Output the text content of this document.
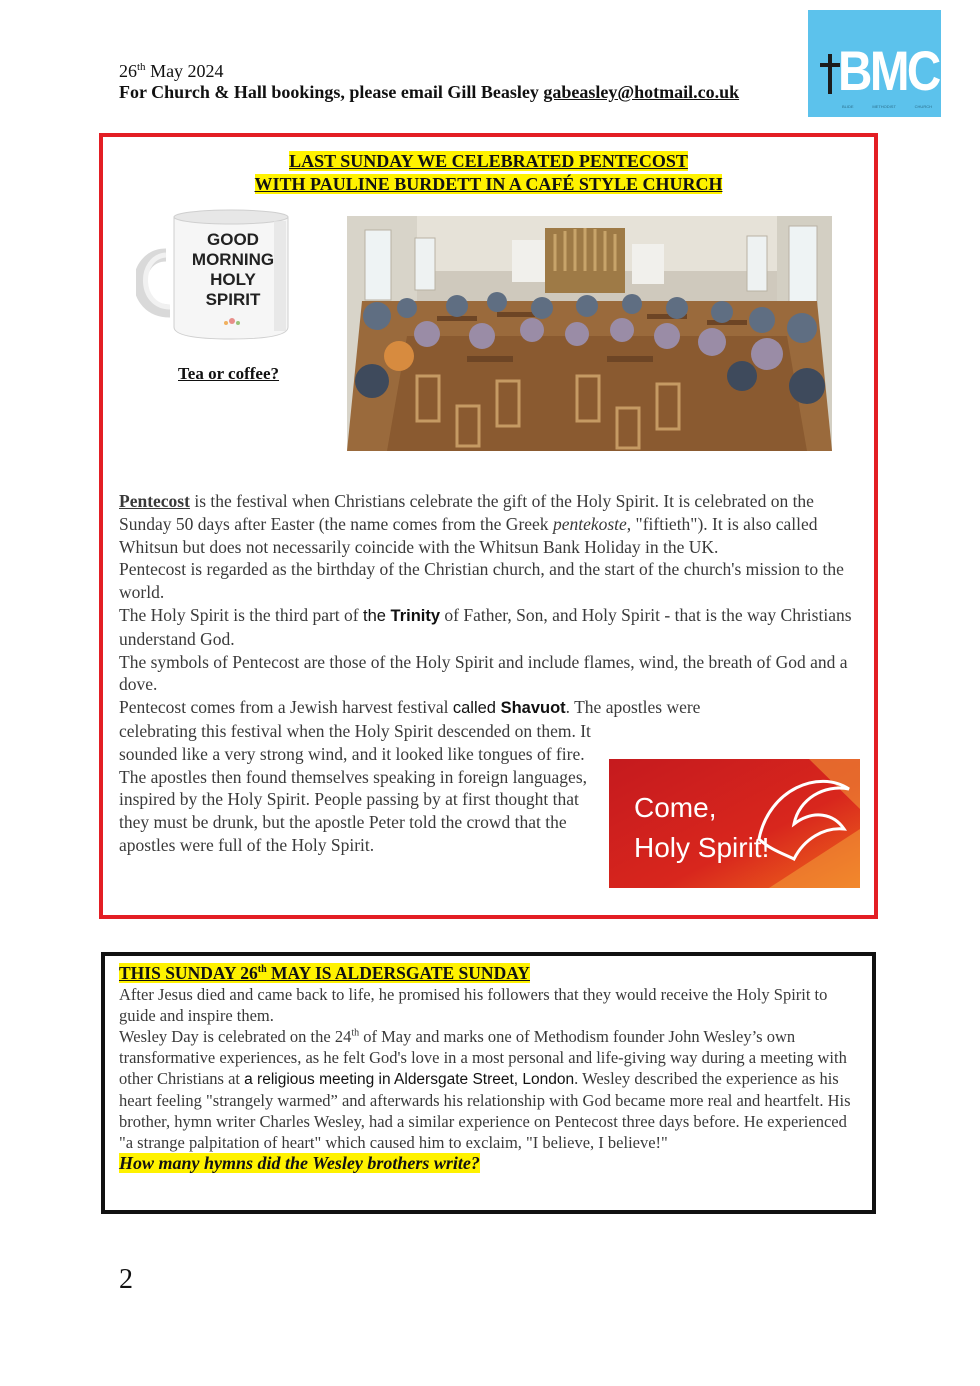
26th May 2024
For Church & Hall bookings, please email Gill Beasley gabeasley@hotmail.co.uk BMC
BLIDE	METHODIST	CHURCH
LAST SUNDAY WE CELEBRATED PENTECOST
WITH PAULINE BURDETT IN A CAFÉ STYLE CHURCH
GOOD
MORNING
HOLY
SPIRIT
Tea or coffee?

Pentecost is the festival when Christians celebrate the gift of the Holy Spirit. It is celebrated on the Sunday 50 days after Easter (the name comes from the Greek pentekoste, "fiftieth"). It is also called Whitsun but does not necessarily coincide with the Whitsun Bank Holiday in the UK.

Pentecost is regarded as the birthday of the Christian church, and the start of the church's mission to the world.

The Holy Spirit is the third part of the Trinity of Father, Son, and Holy Spirit - that is the way Christians understand God.

The symbols of Pentecost are those of the Holy Spirit and include flames, wind, the breath of God and a dove.

Pentecost comes from a Jewish harvest festival called Shavuot. The apostles were

celebrating this festival when the Holy Spirit descended on them. It sounded like a very strong wind, and it looked like tongues of fire.

The apostles then found themselves speaking in foreign languages, inspired by the Holy Spirit. People passing by at first thought that they must be drunk, but the apostle Peter told the crowd that the apostles were full of the Holy Spirit.

Come,
Holy Spirit!

THIS SUNDAY 26th MAY IS ALDERSGATE SUNDAY

After Jesus died and came back to life, he promised his followers that they would receive the Holy Spirit to guide and inspire them.

Wesley Day is celebrated on the 24th of May and marks one of Methodism founder John Wesley’s own transformative experiences, as he felt God's love in a most personal and life-giving way during a meeting with other Christians at a religious meeting in Aldersgate Street, London. Wesley described the experience as his heart feeling "strangely warmed” and afterwards his relationship with God became more real and heartfelt. His brother, hymn writer Charles Wesley, had a similar experience on Pentecost three days before. He experienced "a strange palpitation of heart" which caused him to exclaim, "I believe, I believe!"

How many hymns did the Wesley brothers write?

2
